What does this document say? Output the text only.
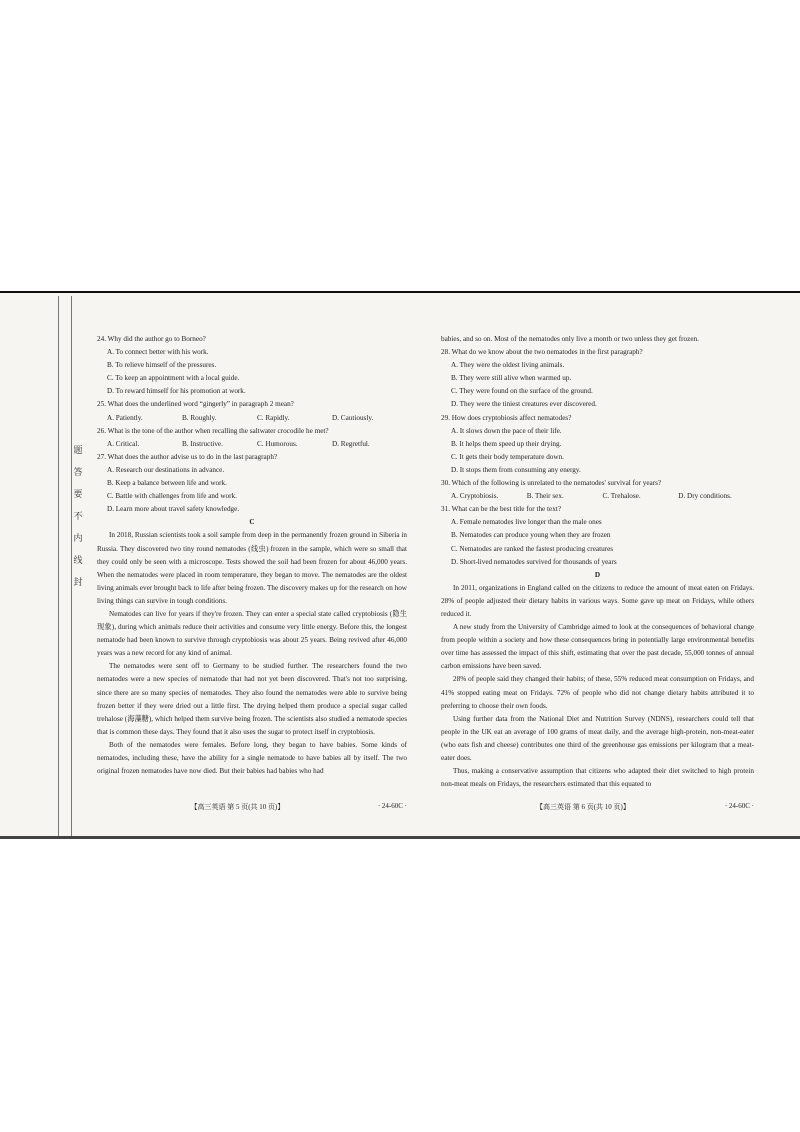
题
答
要
不
内
线
封

24. Why did the author go to Borneo?

A. To connect better with his work.

B. To relieve himself of the pressures.

C. To keep an appointment with a local guide.

D. To reward himself for his promotion at work.

25. What does the underlined word “gingerly” in paragraph 2 mean?

A. Patiently.	B. Roughly.	C. Rapidly.	D. Cautiously.

26. What is the tone of the author when recalling the saltwater crocodile he met?

A. Critical.	B. Instructive.	C. Humorous.	D. Regretful.

27. What does the author advise us to do in the last paragraph?

A. Research our destinations in advance.

B. Keep a balance between life and work.

C. Battle with challenges from life and work.

D. Learn more about travel safety knowledge.

C

In 2018, Russian scientists took a soil sample from deep in the permanently frozen ground in Siberia in Russia. They discovered two tiny round nematodes (线虫) frozen in the sample, which were so small that they could only be seen with a microscope. Tests showed the soil had been frozen for about 46,000 years. When the nematodes were placed in room temperature, they began to move. The nematodes are the oldest living animals ever brought back to life after being frozen. The discovery makes up for the research on how living things can survive in tough conditions.

Nematodes can live for years if they're frozen. They can enter a special state called cryptobiosis (隐生现象), during which animals reduce their activities and consume very little energy. Before this, the longest nematode had been known to survive through cryptobiosis was about 25 years. Being revived after 46,000 years was a new record for any kind of animal.

The nematodes were sent off to Germany to be studied further. The researchers found the two nematodes were a new species of nematode that had not yet been discovered. That's not too surprising, since there are so many species of nematodes. They also found the nematodes were able to survive being frozen better if they were dried out a little first. The drying helped them produce a special sugar called trehalose (海藻糖), which helped them survive being frozen. The scientists also studied a nematode species that is common these days. They found that it also uses the sugar to protect itself in cryptobiosis.

Both of the nematodes were females. Before long, they began to have babies. Some kinds of nematodes, including these, have the ability for a single nematode to have babies all by itself. The two original frozen nematodes have now died. But their babies had babies who had

babies, and so on. Most of the nematodes only live a month or two unless they get frozen.

28. What do we know about the two nematodes in the first paragraph?

A. They were the oldest living animals.

B. They were still alive when warmed up.

C. They were found on the surface of the ground.

D. They were the tiniest creatures ever discovered.

29. How does cryptobiosis affect nematodes?

A. It slows down the pace of their life.

B. It helps them speed up their drying.

C. It gets their body temperature down.

D. It stops them from consuming any energy.

30. Which of the following is unrelated to the nematodes' survival for years?

A. Cryptobiosis.	B. Their sex.	C. Trehalose.	D. Dry conditions.

31. What can be the best title for the text?

A. Female nematodes live longer than the male ones

B. Nematodes can produce young when they are frozen

C. Nematodes are ranked the fastest producing creatures

D. Short-lived nematodes survived for thousands of years

D

In 2011, organizations in England called on the citizens to reduce the amount of meat eaten on Fridays. 28% of people adjusted their dietary habits in various ways. Some gave up meat on Fridays, while others reduced it.

A new study from the University of Cambridge aimed to look at the consequences of behavioral change from people within a society and how these consequences bring in potentially large environmental benefits over time has assessed the impact of this shift, estimating that over the past decade, 55,000 tonnes of annual carbon emissions have been saved.

28% of people said they changed their habits; of these, 55% reduced meat consumption on Fridays, and 41% stopped eating meat on Fridays. 72% of people who did not change dietary habits attributed it to preferring to choose their own foods.

Using further data from the National Diet and Nutrition Survey (NDNS), researchers could tell that people in the UK eat an average of 100 grams of meat daily, and the average high-protein, non-meat-eater (who eats fish and cheese) contributes one third of the greenhouse gas emissions per kilogram that a meat-eater does.

Thus, making a conservative assumption that citizens who adapted their diet switched to high protein non-meat meals on Fridays, the researchers estimated that this equated to

【高三英语 第 5 页(共 10 页)】	· 24-60C ·	【高三英语 第 6 页(共 10 页)】	· 24-60C ·
